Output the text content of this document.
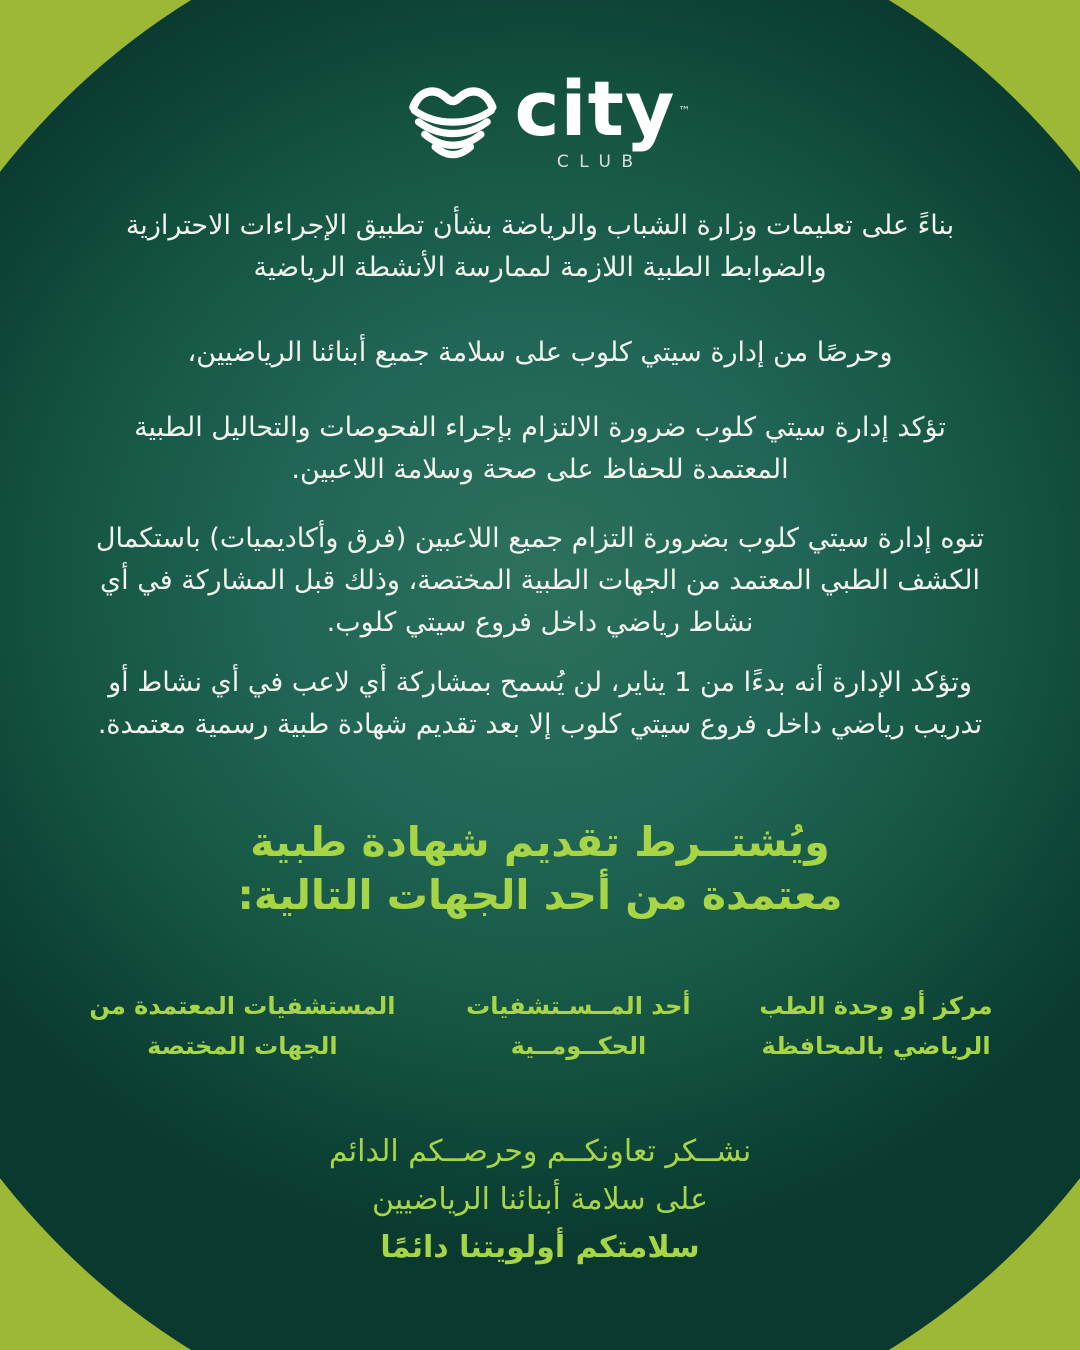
city ™
CLUB
بناءً على تعليمات وزارة الشباب والرياضة بشأن تطبيق الإجراءات الاحترازية والضوابط الطبية اللازمة لممارسة الأنشطة الرياضية
وحرصًا من إدارة سيتي كلوب على سلامة جميع أبنائنا الرياضيين،
تؤكد إدارة سيتي كلوب ضرورة الالتزام بإجراء الفحوصات والتحاليل الطبية المعتمدة للحفاظ على صحة وسلامة اللاعبين.
تنوه إدارة سيتي كلوب بضرورة التزام جميع اللاعبين (فرق وأكاديميات) باستكمال الكشف الطبي المعتمد من الجهات الطبية المختصة، وذلك قبل المشاركة في أي نشاط رياضي داخل فروع سيتي كلوب.
وتؤكد الإدارة أنه بدءًا من 1 يناير، لن يُسمح بمشاركة أي لاعب في أي نشاط أو تدريب رياضي داخل فروع سيتي كلوب إلا بعد تقديم شهادة طبية رسمية معتمدة.
ويُشتــرط تقديم شهادة طبية
معتمدة من أحد الجهات التالية:
مركز أو وحدة الطب
الرياضي بالمحافظة
أحد المــسـتشفيات
الحكــومــية
المستشفيات المعتمدة من
الجهات المختصة
نشــكر تعاونكــم وحرصــكم الدائم
على سلامة أبنائنا الرياضيين
سلامتكم أولويتنا دائمًا
